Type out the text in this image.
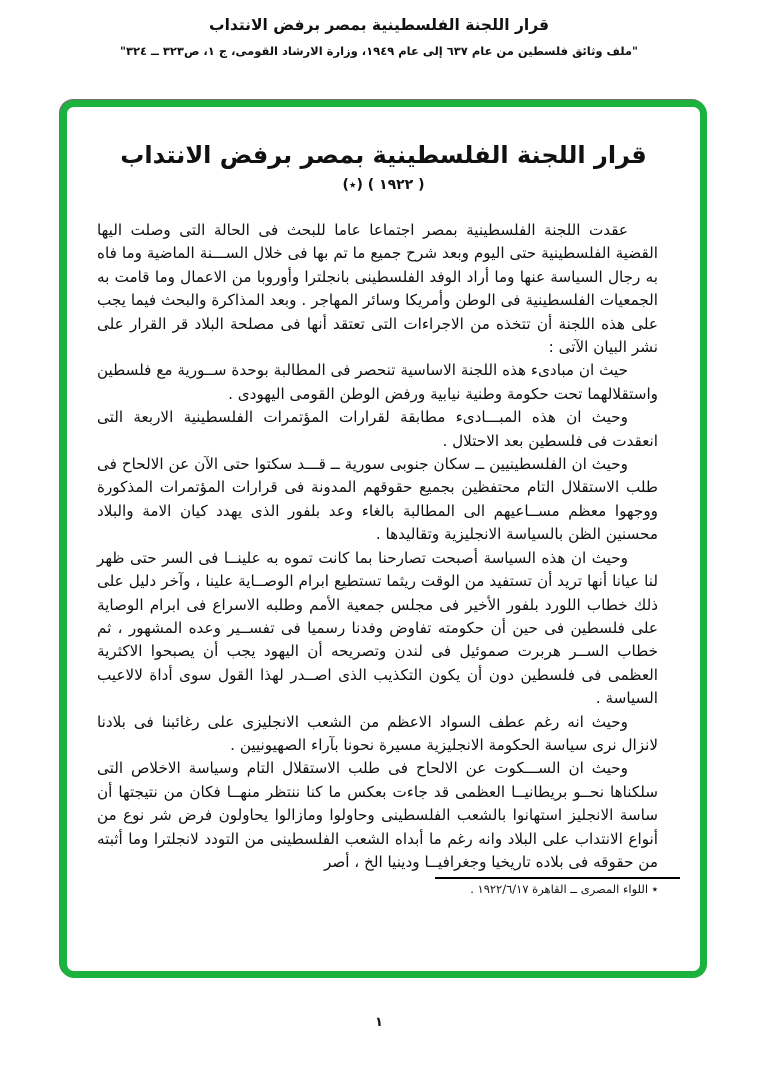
قرار اللجنة الفلسطينية بمصر برفض الانتداب
"ملف وثائق فلسطين من عام ٦٣٧ إلى عام ١٩٤٩، وزارة الارشاد القومى، ج ١، ص٣٢٣ ــ ٣٢٤"
قرار اللجنة الفلسطينية بمصر برفض الانتداب
( ١٩٢٢ ) (٭)

عقدت اللجنة الفلسطينية بمصر اجتماعا عاما للبحث فى الحالة التى وصلت اليها القضية الفلسطينية حتى اليوم وبعد شرح جميع ما تم بها فى خلال الســـنة الماضية وما فاه به رجال السياسة عنها وما أراد الوفد الفلسطينى بانجلترا وأوروبا من الاعمال وما قامت به الجمعيات الفلسطينية فى الوطن وأمريكا وسائر المهاجر . وبعد المذاكرة والبحث فيما يجب على هذه اللجنة أن تتخذه من الاجراءات التى تعتقد أنها فى مصلحة البلاد قر القرار على نشر البيان الآتى :

حيث ان مبادىء هذه اللجنة الاساسية تنحصر فى المطالبة بوحدة ســورية مع فلسطين واستقلالهما تحت حكومة وطنية نيابية ورفض الوطن القومى اليهودى .

وحيث ان هذه المبـــادىء مطابقة لقرارات المؤتمرات الفلسطينية الاربعة التى انعقدت فى فلسطين بعد الاحتلال .

وحيث ان الفلسطينيين ــ سكان جنوبى سورية ــ قـــد سكتوا حتى الآن عن الالحاح فى طلب الاستقلال التام محتفظين بجميع حقوقهم المدونة فى قرارات المؤتمرات المذكورة ووجهوا معظم مســاعيهم الى المطالبة بالغاء وعد بلفور الذى يهدد كيان الامة والبلاد محسنين الظن بالسياسة الانجليزية وتقاليدها .

وحيث ان هذه السياسة أصبحت تصارحنا بما كانت تموه به علينــا فى السر حتى ظهر لنا عيانا أنها تريد أن تستفيد من الوقت ريثما تستطيع ابرام الوصــاية علينا ، وآخر دليل على ذلك خطاب اللورد بلفور الأخير فى مجلس جمعية الأمم وطلبه الاسراع فى ابرام الوصاية على فلسطين فى حين أن حكومته تفاوض وفدنا رسميا فى تفســير وعده المشهور ، ثم خطاب الســر هربرت صموئيل فى لندن وتصريحه أن اليهود يجب أن يصبحوا الاكثرية العظمى فى فلسطين دون أن يكون التكذيب الذى اصــدر لهذا القول سوى أداة لالاعيب السياسة .

وحيث انه رغم عطف السواد الاعظم من الشعب الانجليزى على رغائبنا فى بلادنا لانزال نرى سياسة الحكومة الانجليزية مسيرة نحونا بآراء الصهيونيين .

وحيث ان الســـكوت عن الالحاح فى طلب الاستقلال التام وسياسة الاخلاص التى سلكناها نحــو بريطانيــا العظمى قد جاءت بعكس ما كنا ننتظر منهــا فكان من نتيجتها أن ساسة الانجليز استهانوا بالشعب الفلسطينى وحاولوا ومازالوا يحاولون فرض شر نوع من أنواع الانتداب على البلاد وانه رغم ما أبداه الشعب الفلسطينى من التودد لانجلترا وما أثبته من حقوقه فى بلاده تاريخيا وجغرافيــا ودينيا الخ ، أصر

٭ اللواء المصرى ــ القاهرة ١٩٢٢/٦/١٧ .
١
